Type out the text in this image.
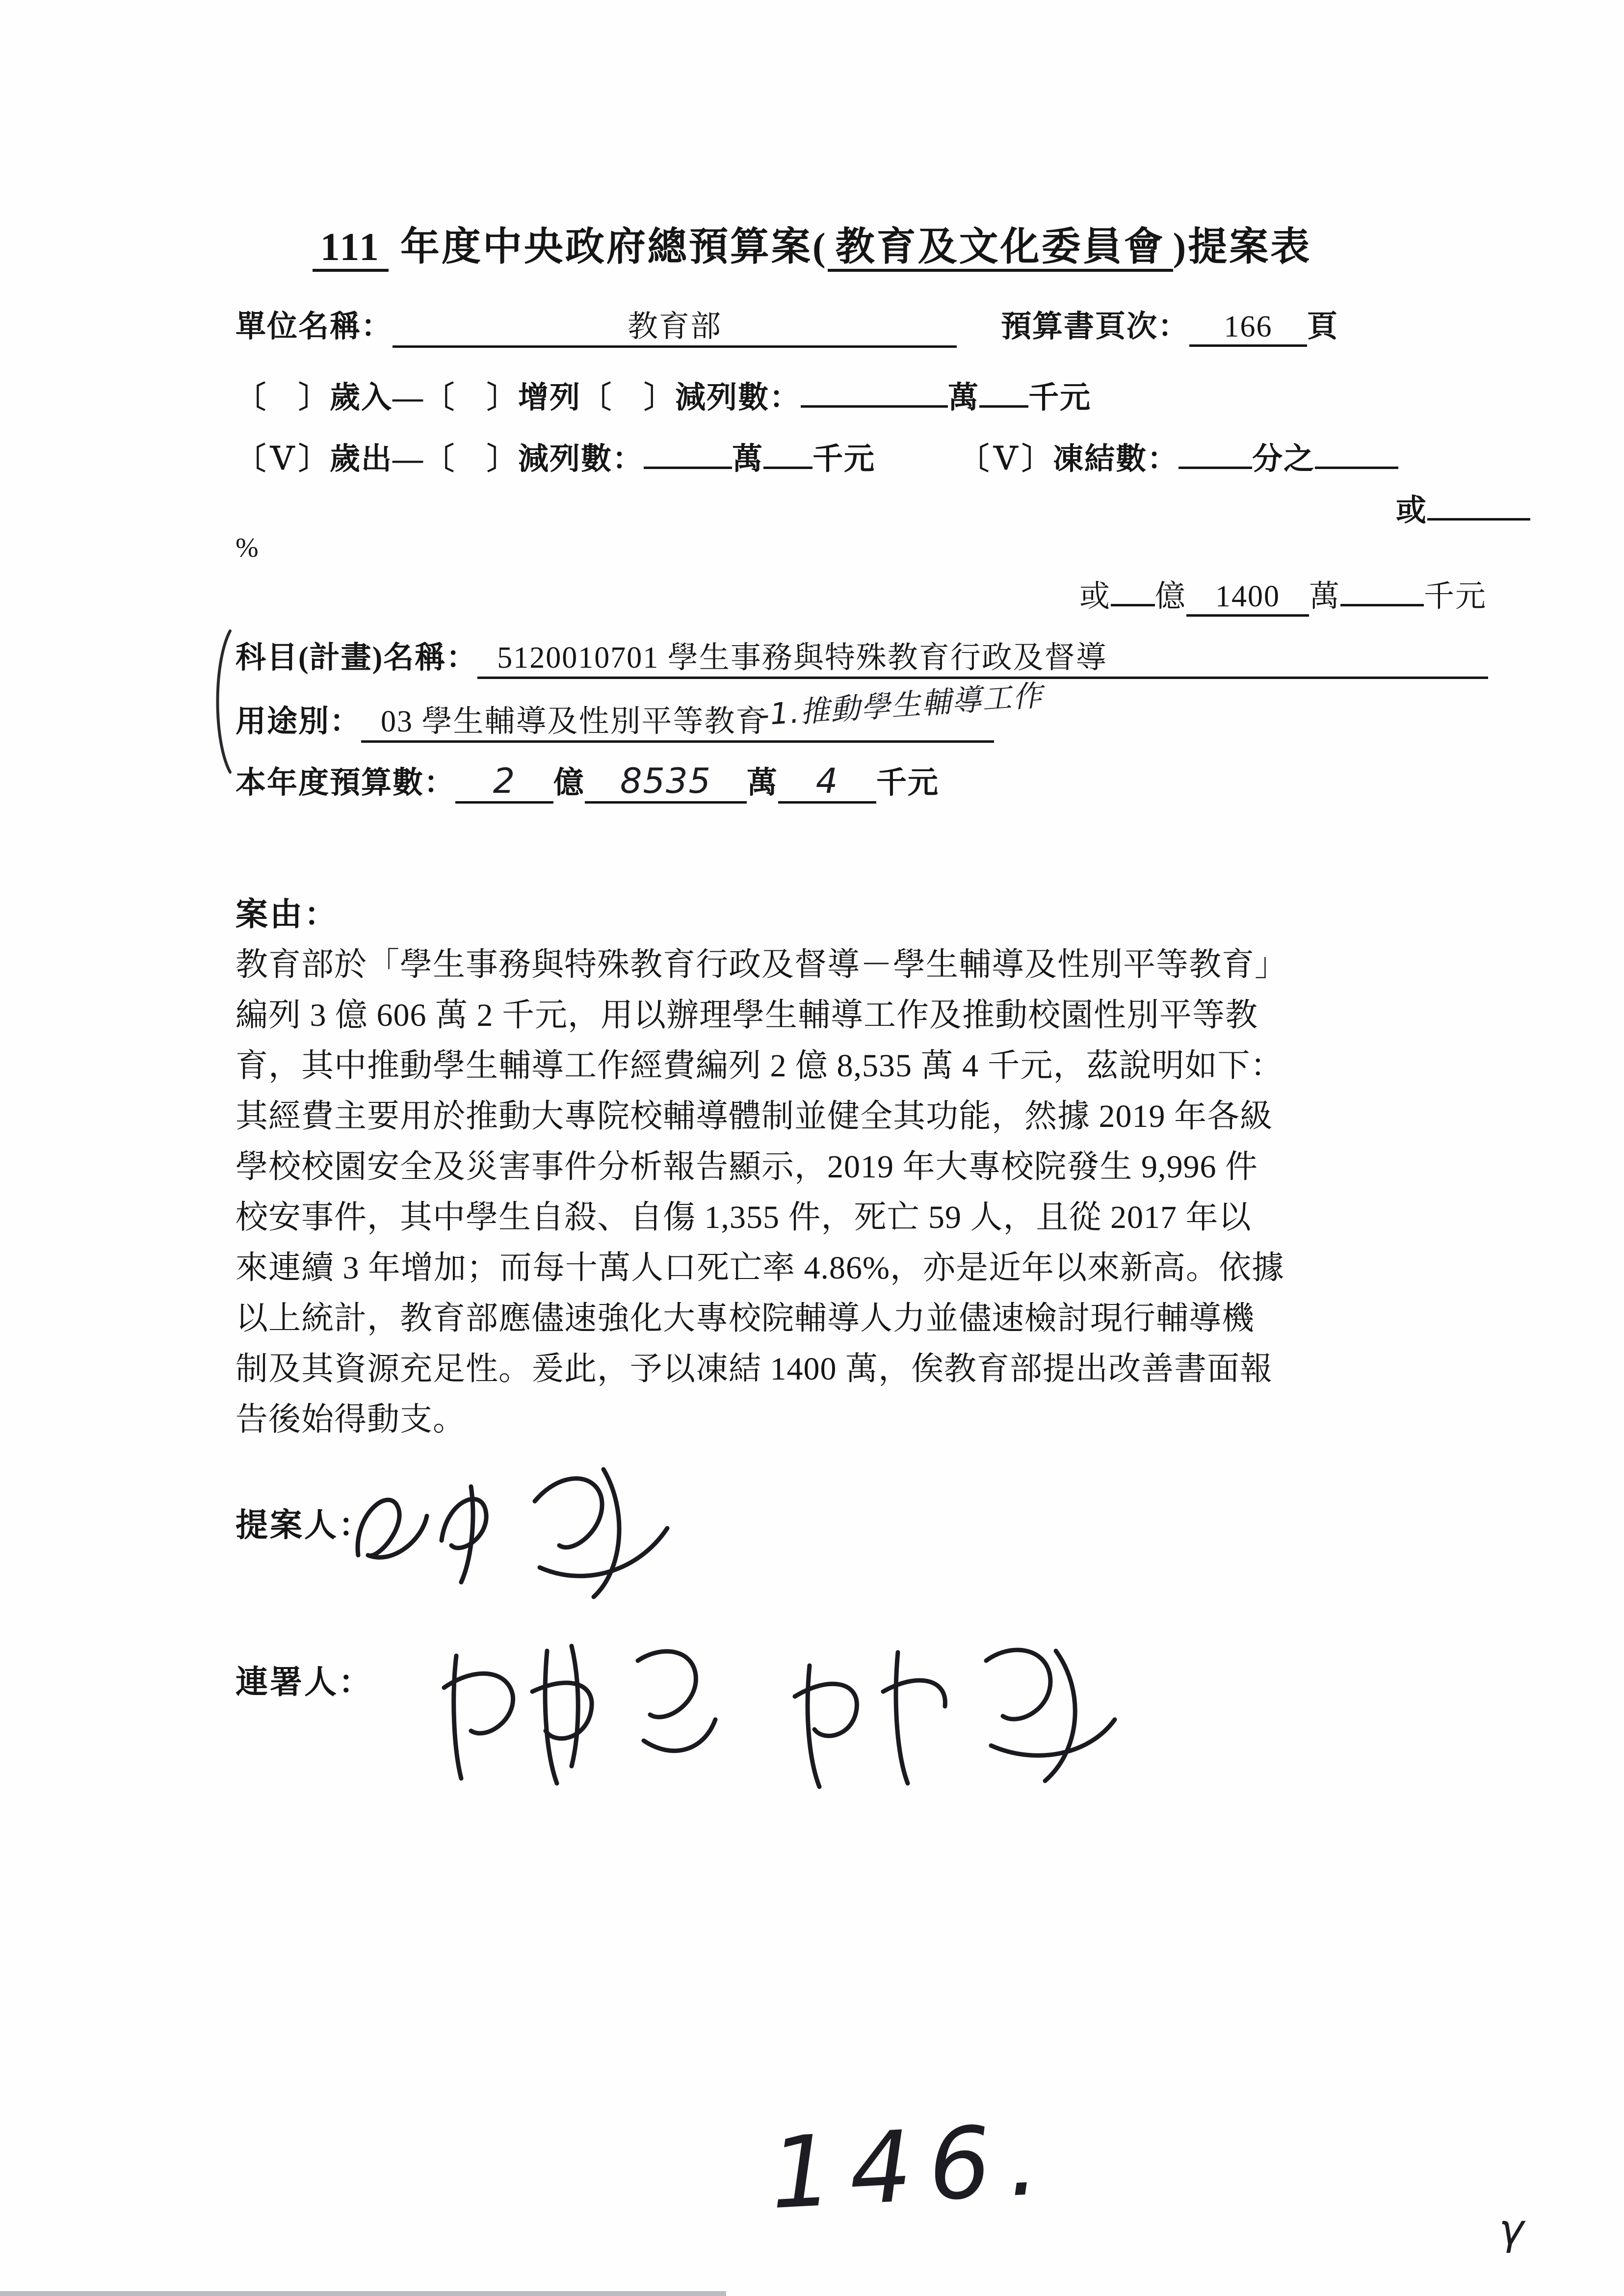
111 年度中央政府總預算案( 教育及文化委員會 )提案表
單位名稱：	教育部	預算書頁次： 166 頁
〔　〕歲入—〔　〕增列〔　〕減列數：	萬 千元
〔Ｖ〕歲出—〔　〕減列數：	萬 千元	〔Ｖ〕凍結數： 分之
或
%
或 億 1400 萬	千元
科目(計畫)名稱： 5120010701 學生事務與特殊教育行政及督導
用途別： 03 學生輔導及性別平等教育
-1.推動學生輔導工作
本年度預算數： 2 億 8535 萬 4 千元
案由：
教育部於「學生事務與特殊教育行政及督導－學生輔導及性別平等教育」
編列 3 億 606 萬 2 千元，用以辦理學生輔導工作及推動校園性別平等教
育，其中推動學生輔導工作經費編列 2 億 8,535 萬 4 千元，茲說明如下：
其經費主要用於推動大專院校輔導體制並健全其功能，然據 2019 年各級
學校校園安全及災害事件分析報告顯示，2019 年大專校院發生 9,996 件
校安事件，其中學生自殺、自傷 1,355 件，死亡 59 人，且從 2017 年以
來連續 3 年增加；而每十萬人口死亡率 4.86%，亦是近年以來新高。依據
以上統計，教育部應儘速強化大專校院輔導人力並儘速檢討現行輔導機
制及其資源充足性。爰此，予以凍結 1400 萬，俟教育部提出改善書面報
告後始得動支。
提案人：
連署人：
146.	γ
